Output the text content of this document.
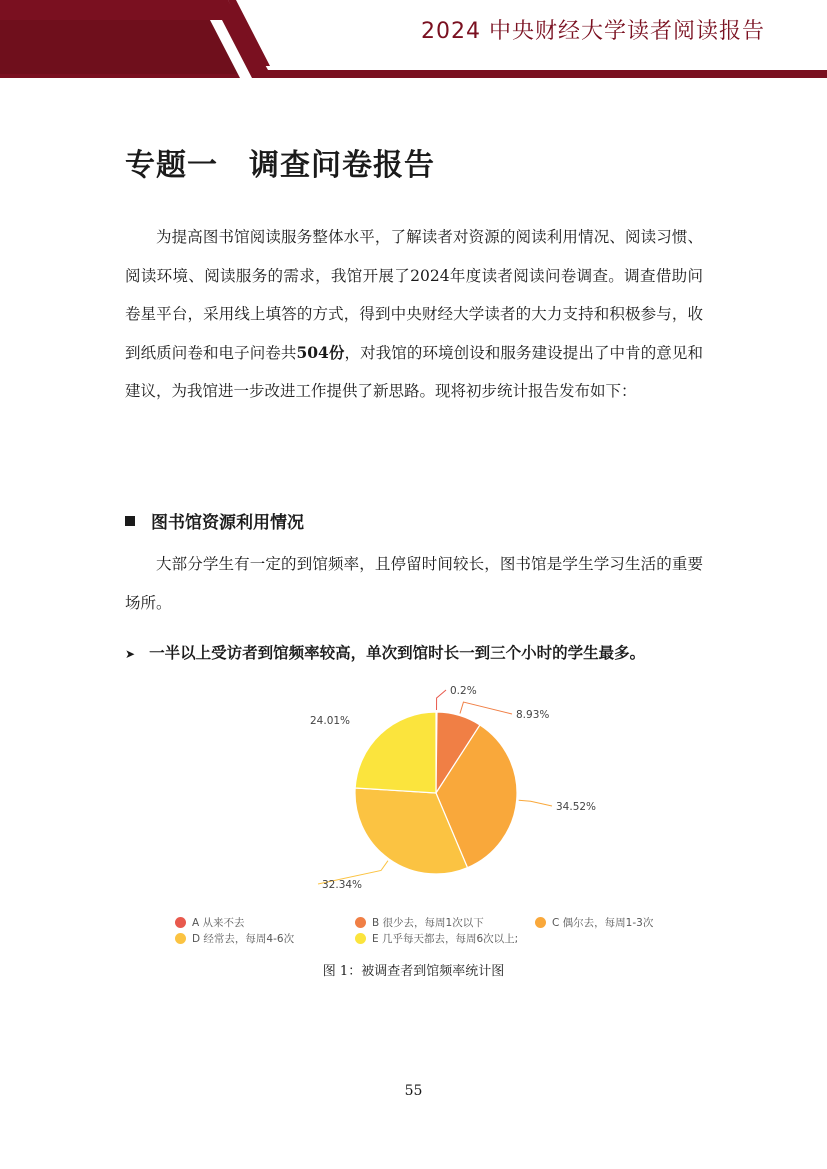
2024 中央财经大学读者阅读报告
专题一　调查问卷报告

为提高图书馆阅读服务整体水平，了解读者对资源的阅读利用情况、阅读习惯、阅读环境、阅读服务的需求，我馆开展了2024年度读者阅读问卷调查。调查借助问卷星平台，采用线上填答的方式，得到中央财经大学读者的大力支持和积极参与，收到纸质问卷和电子问卷共504份，对我馆的环境创设和服务建设提出了中肯的意见和建议，为我馆进一步改进工作提供了新思路。现将初步统计报告发布如下：

图书馆资源利用情况

大部分学生有一定的到馆频率，且停留时间较长，图书馆是学生学习生活的重要场所。

➤ 一半以上受访者到馆频率较高，单次到馆时长一到三个小时的学生最多。
0.2%
8.93%
34.52%
32.34%
24.01%
A 从来不去	B 很少去，每周1次以下	C 偶尔去，每周1-3次
D 经常去，每周4-6次	E 几乎每天都去，每周6次以上;
图 1：被调查者到馆频率统计图
55
